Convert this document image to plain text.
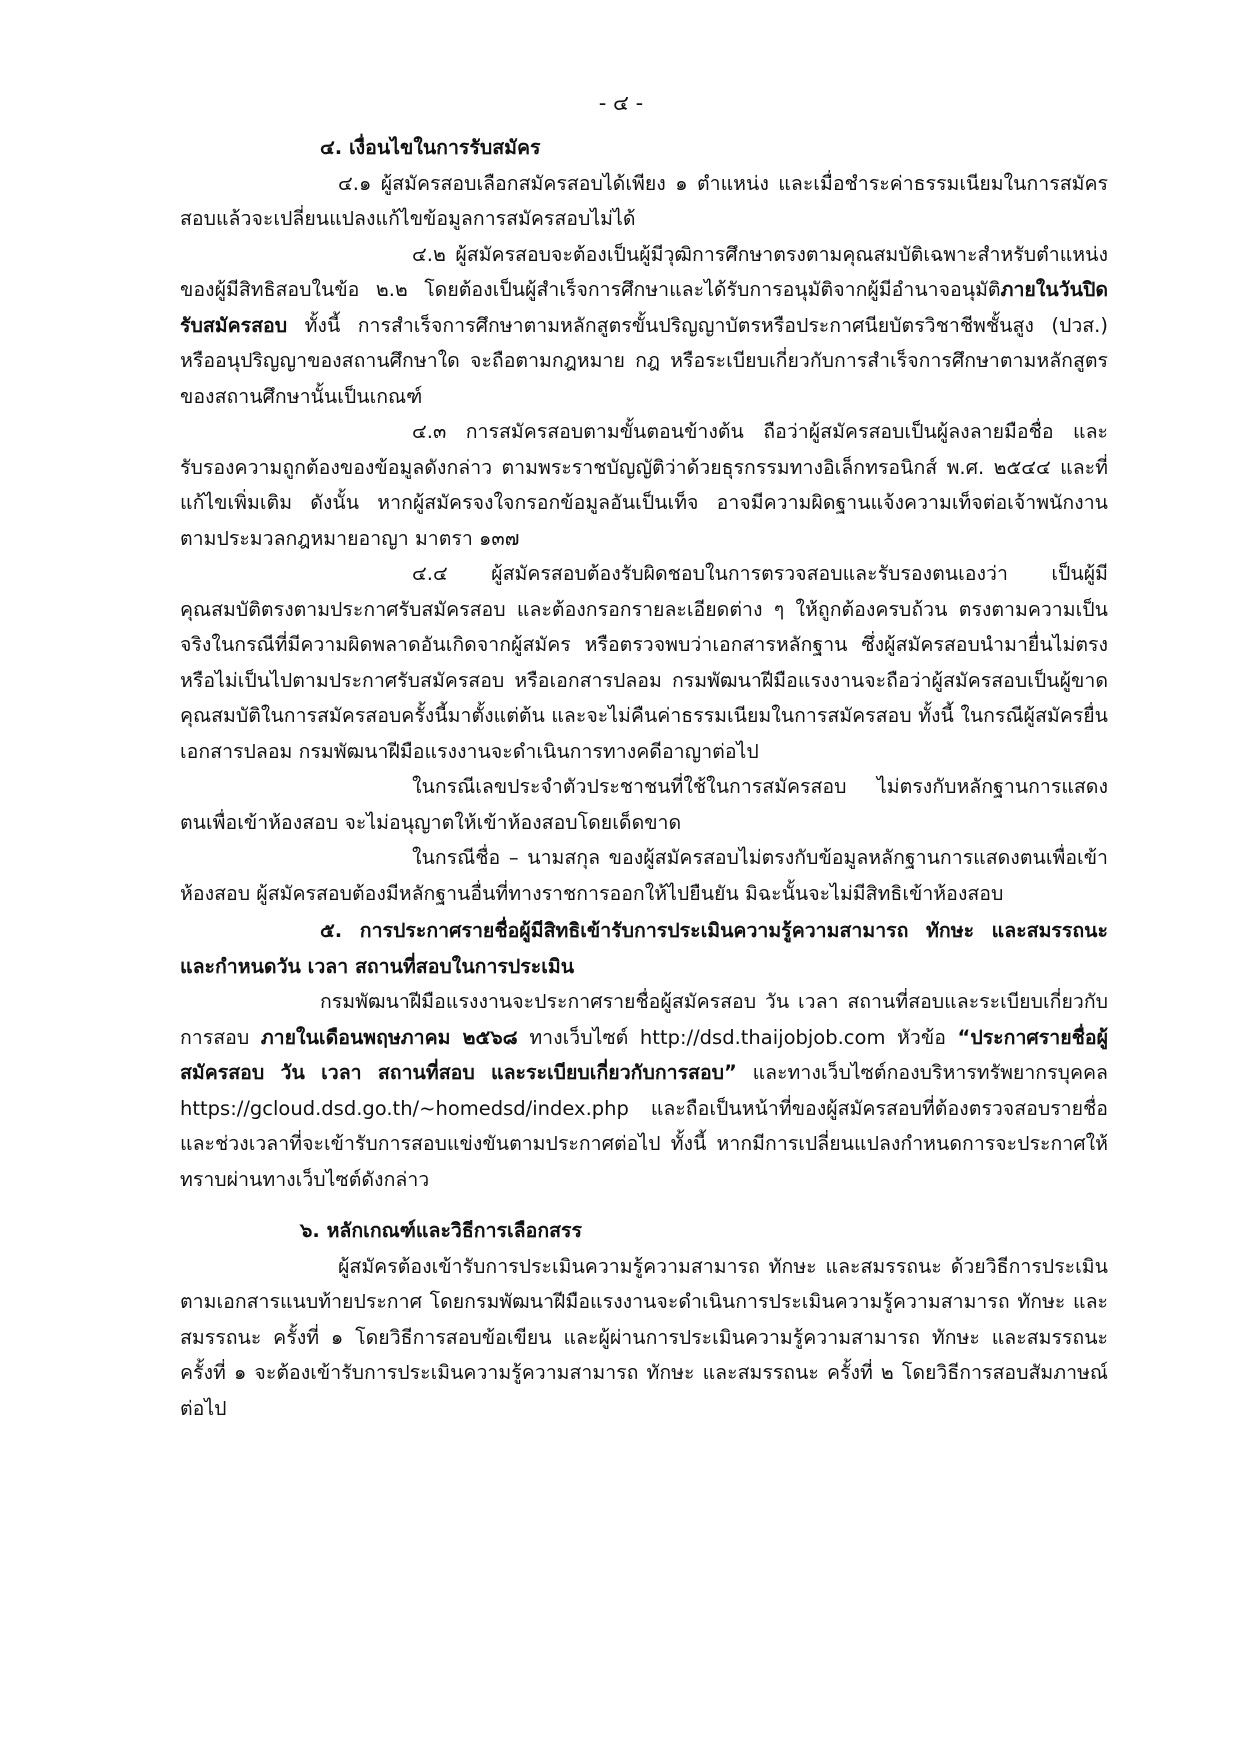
- ๔ -

๔. เงื่อนไขในการรับสมัคร

๔.๑ ผู้สมัครสอบเลือกสมัครสอบได้เพียง ๑ ตำแหน่ง และเมื่อชำระค่าธรรมเนียมในการสมัครสอบแล้วจะเปลี่ยนแปลงแก้ไขข้อมูลการสมัครสอบไม่ได้

๔.๒ ผู้สมัครสอบจะต้องเป็นผู้มีวุฒิการศึกษาตรงตามคุณสมบัติเฉพาะสำหรับตำแหน่งของผู้มีสิทธิสอบในข้อ ๒.๒ โดยต้องเป็นผู้สำเร็จการศึกษาและได้รับการอนุมัติจากผู้มีอำนาจอนุมัติภายในวันปิดรับสมัครสอบ ทั้งนี้ การสำเร็จการศึกษาตามหลักสูตรขั้นปริญญาบัตรหรือประกาศนียบัตรวิชาชีพชั้นสูง (ปวส.) หรืออนุปริญญาของสถานศึกษาใด จะถือตามกฎหมาย กฎ หรือระเบียบเกี่ยวกับการสำเร็จการศึกษาตามหลักสูตรของสถานศึกษานั้นเป็นเกณฑ์

๔.๓ การสมัครสอบตามขั้นตอนข้างต้น ถือว่าผู้สมัครสอบเป็นผู้ลงลายมือชื่อ และรับรองความถูกต้องของข้อมูลดังกล่าว ตามพระราชบัญญัติว่าด้วยธุรกรรมทางอิเล็กทรอนิกส์ พ.ศ. ๒๕๔๔ และที่แก้ไขเพิ่มเติม ดังนั้น หากผู้สมัครจงใจกรอกข้อมูลอันเป็นเท็จ อาจมีความผิดฐานแจ้งความเท็จต่อเจ้าพนักงานตามประมวลกฎหมายอาญา มาตรา ๑๓๗

๔.๔ ผู้สมัครสอบต้องรับผิดชอบในการตรวจสอบและรับรองตนเองว่า เป็นผู้มีคุณสมบัติตรงตามประกาศรับสมัครสอบ และต้องกรอกรายละเอียดต่าง ๆ ให้ถูกต้องครบถ้วน ตรงตามความเป็นจริงในกรณีที่มีความผิดพลาดอันเกิดจากผู้สมัคร หรือตรวจพบว่าเอกสารหลักฐาน ซึ่งผู้สมัครสอบนำมายื่นไม่ตรงหรือไม่เป็นไปตามประกาศรับสมัครสอบ หรือเอกสารปลอม กรมพัฒนาฝีมือแรงงานจะถือว่าผู้สมัครสอบเป็นผู้ขาดคุณสมบัติในการสมัครสอบครั้งนี้มาตั้งแต่ต้น และจะไม่คืนค่าธรรมเนียมในการสมัครสอบ ทั้งนี้ ในกรณีผู้สมัครยื่นเอกสารปลอม กรมพัฒนาฝีมือแรงงานจะดำเนินการทางคดีอาญาต่อไป

ในกรณีเลขประจำตัวประชาชนที่ใช้ในการสมัครสอบ ไม่ตรงกับหลักฐานการแสดงตนเพื่อเข้าห้องสอบ จะไม่อนุญาตให้เข้าห้องสอบโดยเด็ดขาด

ในกรณีชื่อ – นามสกุล ของผู้สมัครสอบไม่ตรงกับข้อมูลหลักฐานการแสดงตนเพื่อเข้าห้องสอบ ผู้สมัครสอบต้องมีหลักฐานอื่นที่ทางราชการออกให้ไปยืนยัน มิฉะนั้นจะไม่มีสิทธิเข้าห้องสอบ

๕. การประกาศรายชื่อผู้มีสิทธิเข้ารับการประเมินความรู้ความสามารถ ทักษะ และสมรรถนะ และกำหนดวัน เวลา สถานที่สอบในการประเมิน

กรมพัฒนาฝีมือแรงงานจะประกาศรายชื่อผู้สมัครสอบ วัน เวลา สถานที่สอบและระเบียบเกี่ยวกับการสอบ ภายในเดือนพฤษภาคม ๒๕๖๘ ทางเว็บไซต์ http://dsd.thaijobjob.com หัวข้อ “ประกาศรายชื่อผู้สมัครสอบ วัน เวลา สถานที่สอบ และระเบียบเกี่ยวกับการสอบ” และทางเว็บไซต์กองบริหารทรัพยากรบุคคล https://gcloud.dsd.go.th/~homedsd/index.php และถือเป็นหน้าที่ของผู้สมัครสอบที่ต้องตรวจสอบรายชื่อและช่วงเวลาที่จะเข้ารับการสอบแข่งขันตามประกาศต่อไป ทั้งนี้ หากมีการเปลี่ยนแปลงกำหนดการจะประกาศให้ทราบผ่านทางเว็บไซต์ดังกล่าว

๖. หลักเกณฑ์และวิธีการเลือกสรร

ผู้สมัครต้องเข้ารับการประเมินความรู้ความสามารถ ทักษะ และสมรรถนะ ด้วยวิธีการประเมินตามเอกสารแนบท้ายประกาศ โดยกรมพัฒนาฝีมือแรงงานจะดำเนินการประเมินความรู้ความสามารถ ทักษะ และสมรรถนะ ครั้งที่ ๑ โดยวิธีการสอบข้อเขียน และผู้ผ่านการประเมินความรู้ความสามารถ ทักษะ และสมรรถนะ ครั้งที่ ๑ จะต้องเข้ารับการประเมินความรู้ความสามารถ ทักษะ และสมรรถนะ ครั้งที่ ๒ โดยวิธีการสอบสัมภาษณ์ต่อไป
